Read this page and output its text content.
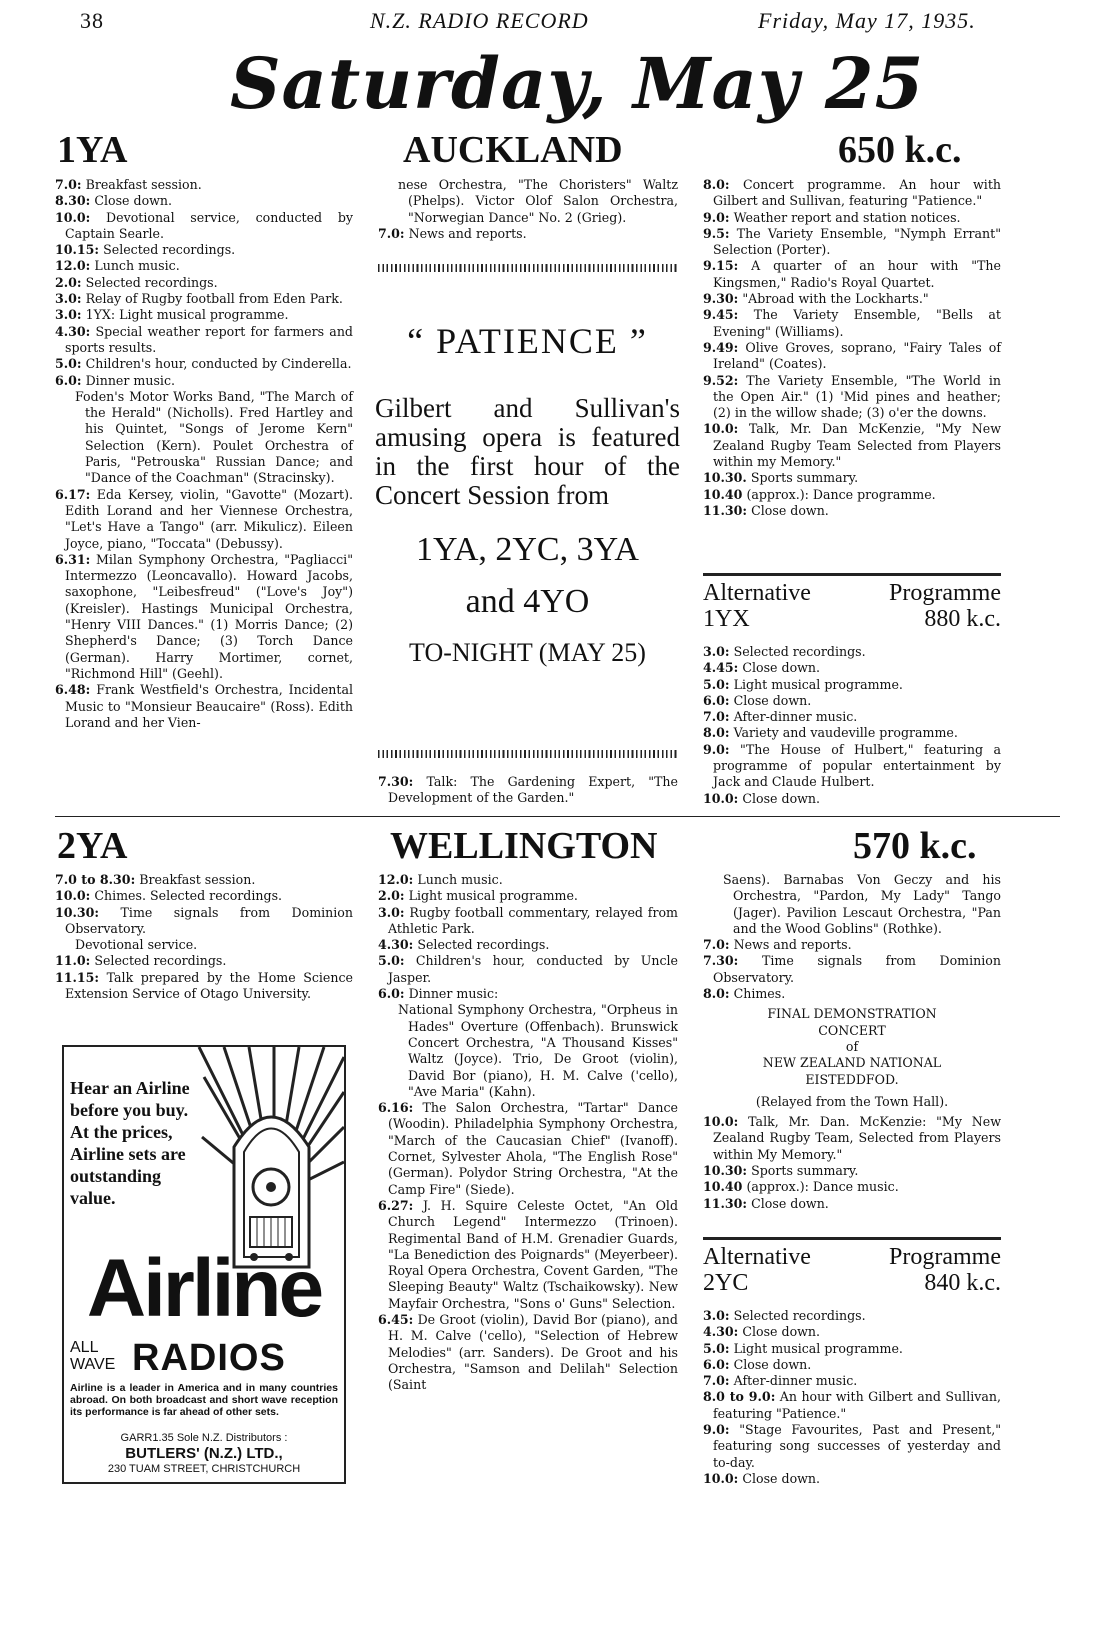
38	N.Z. RADIO RECORD	Friday, May 17, 1935.
Saturday, May 25
1YA	AUCKLAND	650 k.c.

7.0: Breakfast session.

8.30: Close down.

10.0: Devotional service, conducted by Captain Searle.

10.15: Selected recordings.

12.0: Lunch music.

2.0: Selected recordings.

3.0: Relay of Rugby football from Eden Park.

3.0: 1YX: Light musical programme.

4.30: Special weather report for farmers and sports results.

5.0: Children's hour, conducted by Cinderella.

6.0: Dinner music.

Foden's Motor Works Band, "The March of the Herald" (Nicholls). Fred Hartley and his Quintet, "Songs of Jerome Kern" Selection (Kern). Poulet Orchestra of Paris, "Petrouska" Russian Dance; and "Dance of the Coachman" (Stracinsky).

6.17: Eda Kersey, violin, "Gavotte" (Mozart). Edith Lorand and her Viennese Orchestra, "Let's Have a Tango" (arr. Mikulicz). Eileen Joyce, piano, "Toccata" (Debussy).

6.31: Milan Symphony Orchestra, "Pagliacci" Intermezzo (Leoncavallo). Howard Jacobs, saxophone, "Leibesfreud" ("Love's Joy") (Kreisler). Hastings Municipal Orchestra, "Henry VIII Dances." (1) Morris Dance; (2) Shepherd's Dance; (3) Torch Dance (German). Harry Mortimer, cornet, "Richmond Hill" (Geehl).

6.48: Frank Westfield's Orchestra, Incidental Music to "Monsieur Beaucaire" (Ross). Edith Lorand and her Vien-

nese Orchestra, "The Choristers" Waltz (Phelps). Victor Olof Salon Orchestra, "Norwegian Dance" No. 2 (Grieg).

7.0: News and reports.

“ PATIENCE ”
Gilbert and Sullivan's amusing opera is featured in the first hour of the Concert Session from
1YA, 2YC, 3YA
and 4YO
TO-NIGHT (MAY 25)

7.30: Talk: The Gardening Expert, "The Development of the Garden."

8.0: Concert programme. An hour with Gilbert and Sullivan, featuring "Patience."

9.0: Weather report and station notices.

9.5: The Variety Ensemble, "Nymph Errant" Selection (Porter).

9.15: A quarter of an hour with "The Kingsmen," Radio's Royal Quartet.

9.30: "Abroad with the Lockharts."

9.45: The Variety Ensemble, "Bells at Evening" (Williams).

9.49: Olive Groves, soprano, "Fairy Tales of Ireland" (Coates).

9.52: The Variety Ensemble, "The World in the Open Air." (1) 'Mid pines and heather; (2) in the willow shade; (3) o'er the downs.

10.0: Talk, Mr. Dan McKenzie, "My New Zealand Rugby Team Selected from Players within my Memory."

10.30. Sports summary.

10.40 (approx.): Dance programme.

11.30: Close down.

Alternative	Programme

1YX	880 k.c.

3.0: Selected recordings.

4.45: Close down.

5.0: Light musical programme.

6.0: Close down.

7.0: After-dinner music.

8.0: Variety and vaudeville programme.

9.0: "The House of Hulbert," featuring a programme of popular entertainment by Jack and Claude Hulbert.

10.0: Close down.

2YA	WELLINGTON	570 k.c.

7.0 to 8.30: Breakfast session.

10.0: Chimes. Selected recordings.

10.30: Time signals from Dominion Observatory.

Devotional service.

11.0: Selected recordings.

11.15: Talk prepared by the Home Science Extension Service of Otago University.

Hear an Airline before you buy. At the prices, Airline sets are outstanding value.
Airline
ALL WAVE RADIOS
Airline is a leader in America and in many countries abroad. On both broadcast and short wave reception its performance is far ahead of other sets.
GARR1.35 Sole N.Z. Distributors :
BUTLERS' (N.Z.) LTD.,
230 TUAM STREET, CHRISTCHURCH

12.0: Lunch music.

2.0: Light musical programme.

3.0: Rugby football commentary, relayed from Athletic Park.

4.30: Selected recordings.

5.0: Children's hour, conducted by Uncle Jasper.

6.0: Dinner music:

National Symphony Orchestra, "Orpheus in Hades" Overture (Offenbach). Brunswick Concert Orchestra, "A Thousand Kisses" Waltz (Joyce). Trio, De Groot (violin), David Bor (piano), H. M. Calve ('cello), "Ave Maria" (Kahn).

6.16: The Salon Orchestra, "Tartar" Dance (Woodin). Philadelphia Symphony Orchestra, "March of the Caucasian Chief" (Ivanoff). Cornet, Sylvester Ahola, "The English Rose" (German). Polydor String Orchestra, "At the Camp Fire" (Siede).

6.27: J. H. Squire Celeste Octet, "An Old Church Legend" Intermezzo (Trinoen). Regimental Band of H.M. Grenadier Guards, "La Benediction des Poignards" (Meyerbeer). Royal Opera Orchestra, Covent Garden, "The Sleeping Beauty" Waltz (Tschaikowsky). New Mayfair Orchestra, "Sons o' Guns" Selection.

6.45: De Groot (violin), David Bor (piano), and H. M. Calve ('cello), "Selection of Hebrew Melodies" (arr. Sanders). De Groot and his Orchestra, "Samson and Delilah" Selection (Saint

Saens). Barnabas Von Geczy and his Orchestra, "Pardon, My Lady" Tango (Jager). Pavilion Lescaut Orchestra, "Pan and the Wood Goblins" (Rothke).

7.0: News and reports.

7.30: Time signals from Dominion Observatory.

8.0: Chimes.

FINAL DEMONSTRATION
CONCERT
of
NEW ZEALAND NATIONAL
EISTEDDFOD.
(Relayed from the Town Hall).

10.0: Talk, Mr. Dan. McKenzie: "My New Zealand Rugby Team, Selected from Players within My Memory."

10.30: Sports summary.

10.40 (approx.): Dance music.

11.30: Close down.

Alternative	Programme

2YC	840 k.c.

3.0: Selected recordings.

4.30: Close down.

5.0: Light musical programme.

6.0: Close down.

7.0: After-dinner music.

8.0 to 9.0: An hour with Gilbert and Sullivan, featuring "Patience."

9.0: "Stage Favourites, Past and Present," featuring song successes of yesterday and to-day.

10.0: Close down.
